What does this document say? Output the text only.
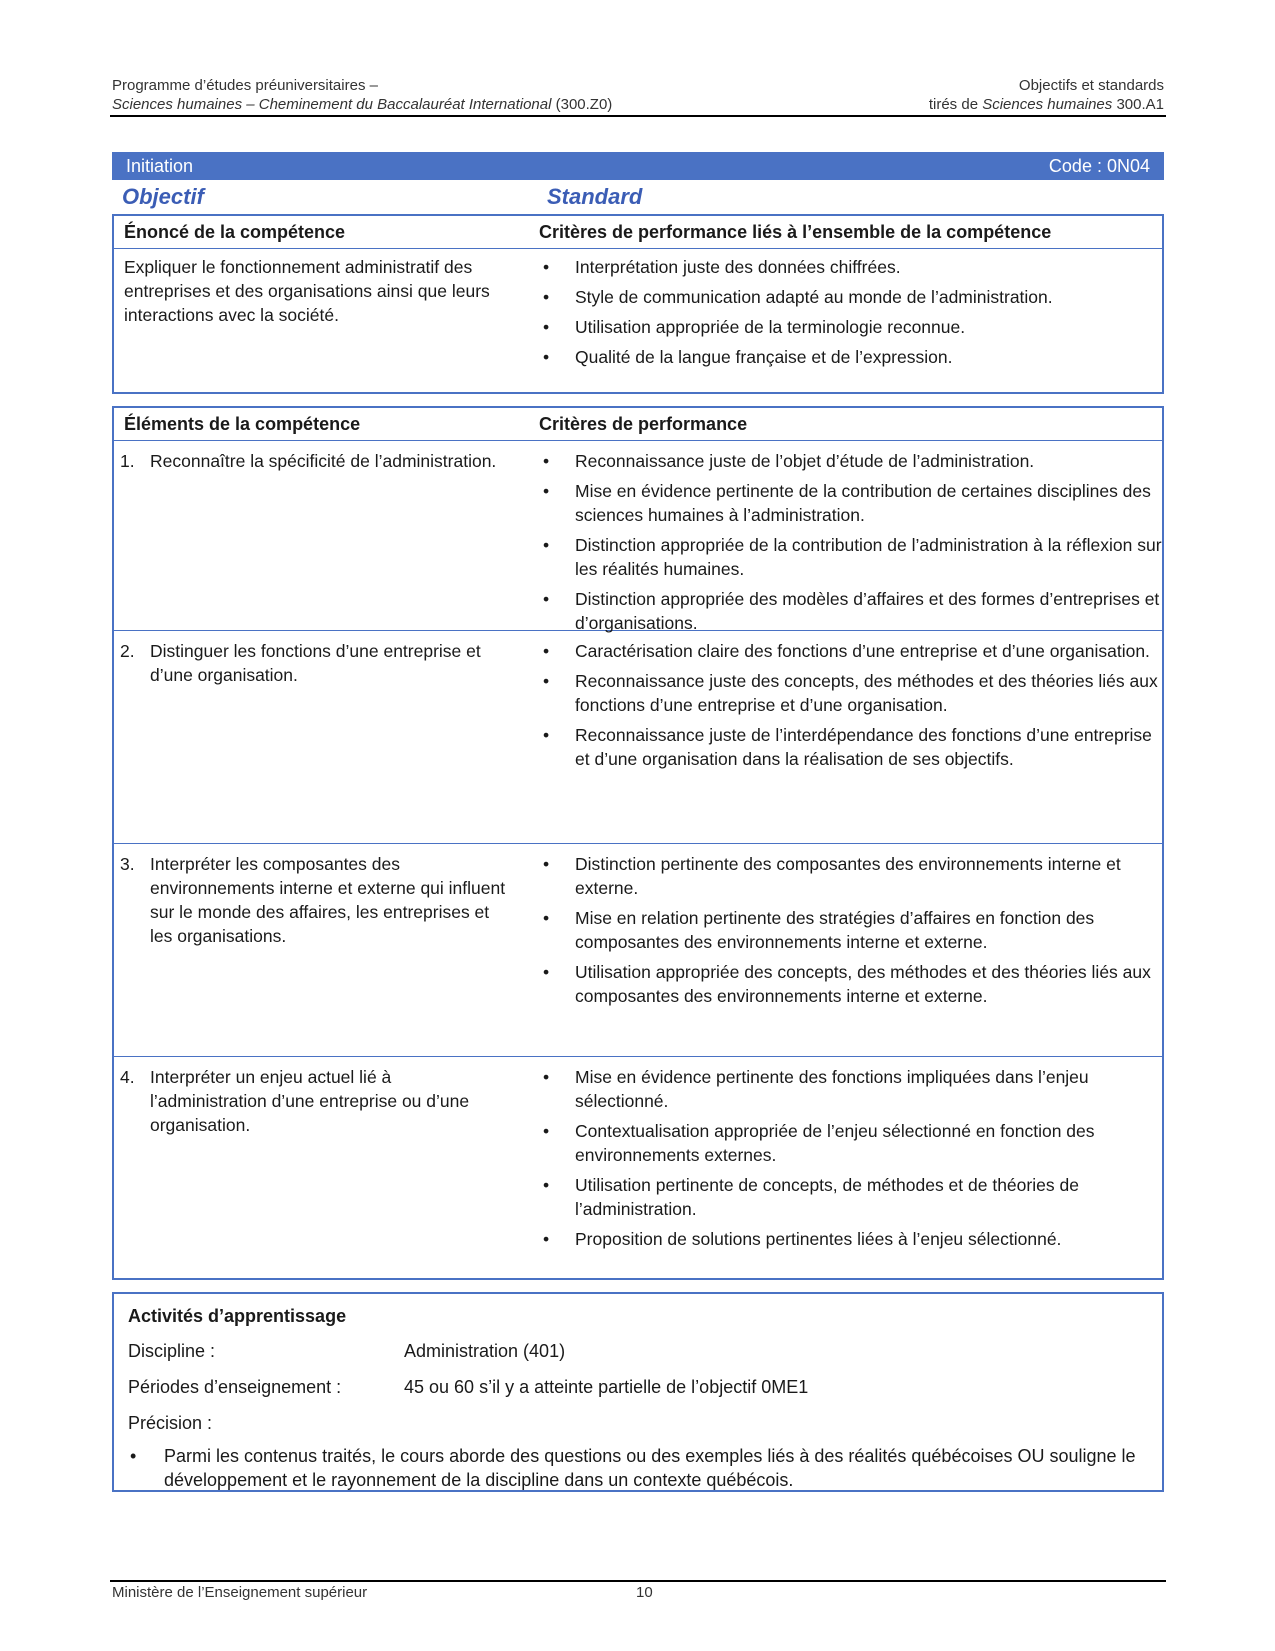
Programme d’études préuniversitaires –	Objectifs et standards
Sciences humaines – Cheminement du Baccalauréat International (300.Z0)	tirés de Sciences humaines 300.A1
Initiation	Code : 0N04
Objectif	Standard
Énoncé de la compétence	Critères de performance liés à l’ensemble de la compétence
Expliquer le fonctionnement administratif des entreprises et des organisations ainsi que leurs interactions avec la société.
• Interprétation juste des données chiffrées.
• Style de communication adapté au monde de l’administration.
• Utilisation appropriée de la terminologie reconnue.
• Qualité de la langue française et de l’expression.
Éléments de la compétence	Critères de performance
1. Reconnaître la spécificité de l’administration.
•	Reconnaissance juste de l’objet d’étude de l’administration.
• Mise en évidence pertinente de la contribution de certaines disciplines des sciences humaines à l’administration.
• Distinction appropriée de la contribution de l’administration à la réflexion sur les réalités humaines.
• Distinction appropriée des modèles d’affaires et des formes d’entreprises et d’organisations.
2. Distinguer les fonctions d’une entreprise et d’une organisation.
• Caractérisation claire des fonctions d’une entreprise et d’une organisation.
• Reconnaissance juste des concepts, des méthodes et des théories liés aux fonctions d’une entreprise et d’une organisation.
• Reconnaissance juste de l’interdépendance des fonctions d’une entreprise et d’une organisation dans la réalisation de ses objectifs.
3. Interpréter les composantes des environnements interne et externe qui influent sur le monde des affaires, les entreprises et les organisations.
• Distinction pertinente des composantes des environnements interne et externe.
• Mise en relation pertinente des stratégies d’affaires en fonction des composantes des environnements interne et externe.
• Utilisation appropriée des concepts, des méthodes et des théories liés aux composantes des environnements interne et externe.
4. Interpréter un enjeu actuel lié à l’administration d’une entreprise ou d’une organisation.
• Mise en évidence pertinente des fonctions impliquées dans l’enjeu sélectionné.
• Contextualisation appropriée de l’enjeu sélectionné en fonction des environnements externes.
• Utilisation pertinente de concepts, de méthodes et de théories de l’administration.
• Proposition de solutions pertinentes liées à l’enjeu sélectionné.
Activités d’apprentissage
Discipline :	Administration (401)
Périodes d’enseignement :	45 ou 60 s’il y a atteinte partielle de l’objectif 0ME1
Précision :
• Parmi les contenus traités, le cours aborde des questions ou des exemples liés à des réalités québécoises OU souligne le développement et le rayonnement de la discipline dans un contexte québécois.
Ministère de l’Enseignement supérieur	10
